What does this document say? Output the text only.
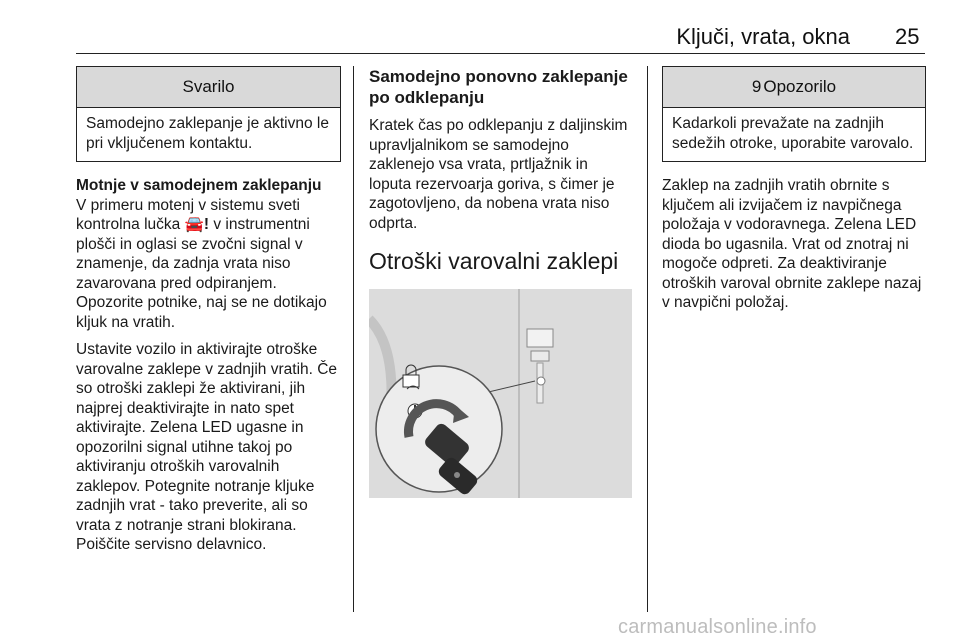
Ključi, vrata, okna 25
Svarilo
Samodejno zaklepanje je aktivno le pri vključenem kontaktu.

Motnje v samodejnem zaklepanju

V primeru motenj v sistemu sveti kontrolna lučka 🚘! v instrumentni plošči in oglasi se zvočni signal v znamenje, da zadnja vrata niso zavarovana pred odpiranjem. Opozorite potnike, naj se ne dotikajo kljuk na vratih.

Ustavite vozilo in aktivirajte otroške varovalne zaklepe v zadnjih vratih. Če so otroški zaklepi že aktivirani, jih najprej deaktivirajte in nato spet aktivirajte. Zelena LED ugasne in opozorilni signal utihne takoj po aktiviranju otroških varovalnih zaklepov. Potegnite notranje kljuke zadnjih vrat - tako preverite, ali so vrata z notranje strani blokirana. Poiščite servisno delavnico.

Samodejno ponovno zaklepanje po odklepanju

Kratek čas po odklepanju z daljinskim upravljalnikom se samodejno zaklenejo vsa vrata, prtljažnik in loputa rezervoarja goriva, s čimer je zagotovljeno, da nobena vrata niso odprta.

Otroški varovalni zaklepi
9 Opozorilo
Kadarkoli prevažate na zadnjih sedežih otroke, uporabite varovalo.

Zaklep na zadnjih vratih obrnite s ključem ali izvijačem iz navpičnega položaja v vodoravnega. Zelena LED dioda bo ugasnila. Vrat od znotraj ni mogoče odpreti. Za deaktiviranje otroških varoval obrnite zaklepe nazaj v navpični položaj.

carmanualsonline.info
